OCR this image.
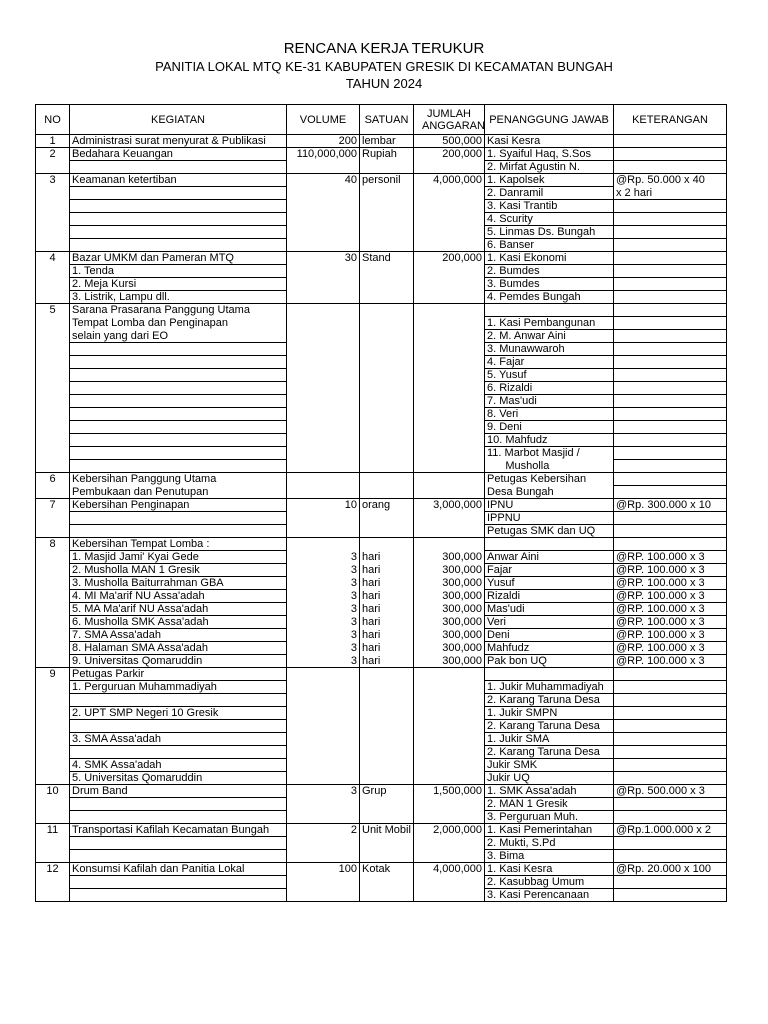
RENCANA KERJA TERUKUR
PANITIA LOKAL MTQ KE-31 KABUPATEN GRESIK DI KECAMATAN BUNGAH
TAHUN 2024
NO	KEGIATAN	VOLUME	SATUAN	JUMLAH ANGGARAN	PENANGGUNG JAWAB	KETERANGAN
1	Administrasi surat menyurat & Publikasi	200	lembar	500,000	Kasi Kesra	
2	Bedahara Keuangan	110,000,000	Rupiah	200,000	1. Syaiful Haq, S.Sos	
					2. Mirfat Agustin N.	
3	Keamanan ketertiban	40	personil	4,000,000	1. Kapolsek	@Rp. 50.000 x 40
					2. Danramil	x 2 hari
					3. Kasi Trantib	
					4. Scurity	
					5. Linmas Ds. Bungah	
					6. Banser	
4	Bazar UMKM dan Pameran MTQ	30	Stand	200,000	1. Kasi Ekonomi	
	1. Tenda				2. Bumdes	
	2. Meja Kursi				3. Bumdes	
	3. Listrik, Lampu dll.				4. Pemdes Bungah	
5	Sarana Prasarana Panggung Utama					
	Tempat Lomba dan Penginapan				1. Kasi Pembangunan	
	selain yang dari EO				2. M. Anwar Aini	
					3. Munawwaroh	
					4. Fajar	
					5. Yusuf	
					6. Rizaldi	
					7. Mas'udi	
					8. Veri	
					9. Deni	
					10. Mahfudz	
					11. Marbot Masjid /	
					Musholla	
6	Kebersihan Panggung Utama				Petugas Kebersihan	
	Pembukaan dan Penutupan				Desa Bungah	
7	Kebersihan Penginapan	10	orang	3,000,000	IPNU	@Rp. 300.000 x 10
					IPPNU	
					Petugas SMK dan UQ	
8	Kebersihan Tempat Lomba :					
	1. Masjid Jami' Kyai Gede	3	hari	300,000	Anwar Aini	@RP. 100.000 x 3
	2. Musholla MAN 1 Gresik	3	hari	300,000	Fajar	@RP. 100.000 x 3
	3. Musholla Baiturrahman GBA	3	hari	300,000	Yusuf	@RP. 100.000 x 3
	4. MI Ma'arif NU Assa'adah	3	hari	300,000	Rizaldi	@RP. 100.000 x 3
	5. MA Ma'arif NU Assa'adah	3	hari	300,000	Mas'udi	@RP. 100.000 x 3
	6. Musholla SMK Assa'adah	3	hari	300,000	Veri	@RP. 100.000 x 3
	7. SMA Assa'adah	3	hari	300,000	Deni	@RP. 100.000 x 3
	8. Halaman SMA Assa'adah	3	hari	300,000	Mahfudz	@RP. 100.000 x 3
	9. Universitas Qomaruddin	3	hari	300,000	Pak bon UQ	@RP. 100.000 x 3
9	Petugas Parkir					
	1. Perguruan Muhammadiyah				1. Jukir Muhammadiyah	
					2. Karang Taruna Desa	
	2. UPT SMP Negeri 10 Gresik				1. Jukir SMPN	
					2. Karang Taruna Desa	
	3. SMA Assa'adah				1. Jukir SMA	
					2. Karang Taruna Desa	
	4. SMK Assa'adah				Jukir SMK	
	5. Universitas Qomaruddin				Jukir UQ	
10	Drum Band	3	Grup	1,500,000	1. SMK Assa'adah	@Rp. 500.000 x 3
					2. MAN 1 Gresik	
					3. Perguruan Muh.	
11	Transportasi Kafilah Kecamatan Bungah	2	Unit Mobil	2,000,000	1. Kasi Pemerintahan	@Rp.1.000.000 x 2
					2. Mukti, S.Pd	
					3. Bima	
12	Konsumsi Kafilah dan Panitia Lokal	100	Kotak	4,000,000	1. Kasi Kesra	@Rp. 20.000 x 100
					2. Kasubbag Umum	
					3. Kasi Perencanaan	
